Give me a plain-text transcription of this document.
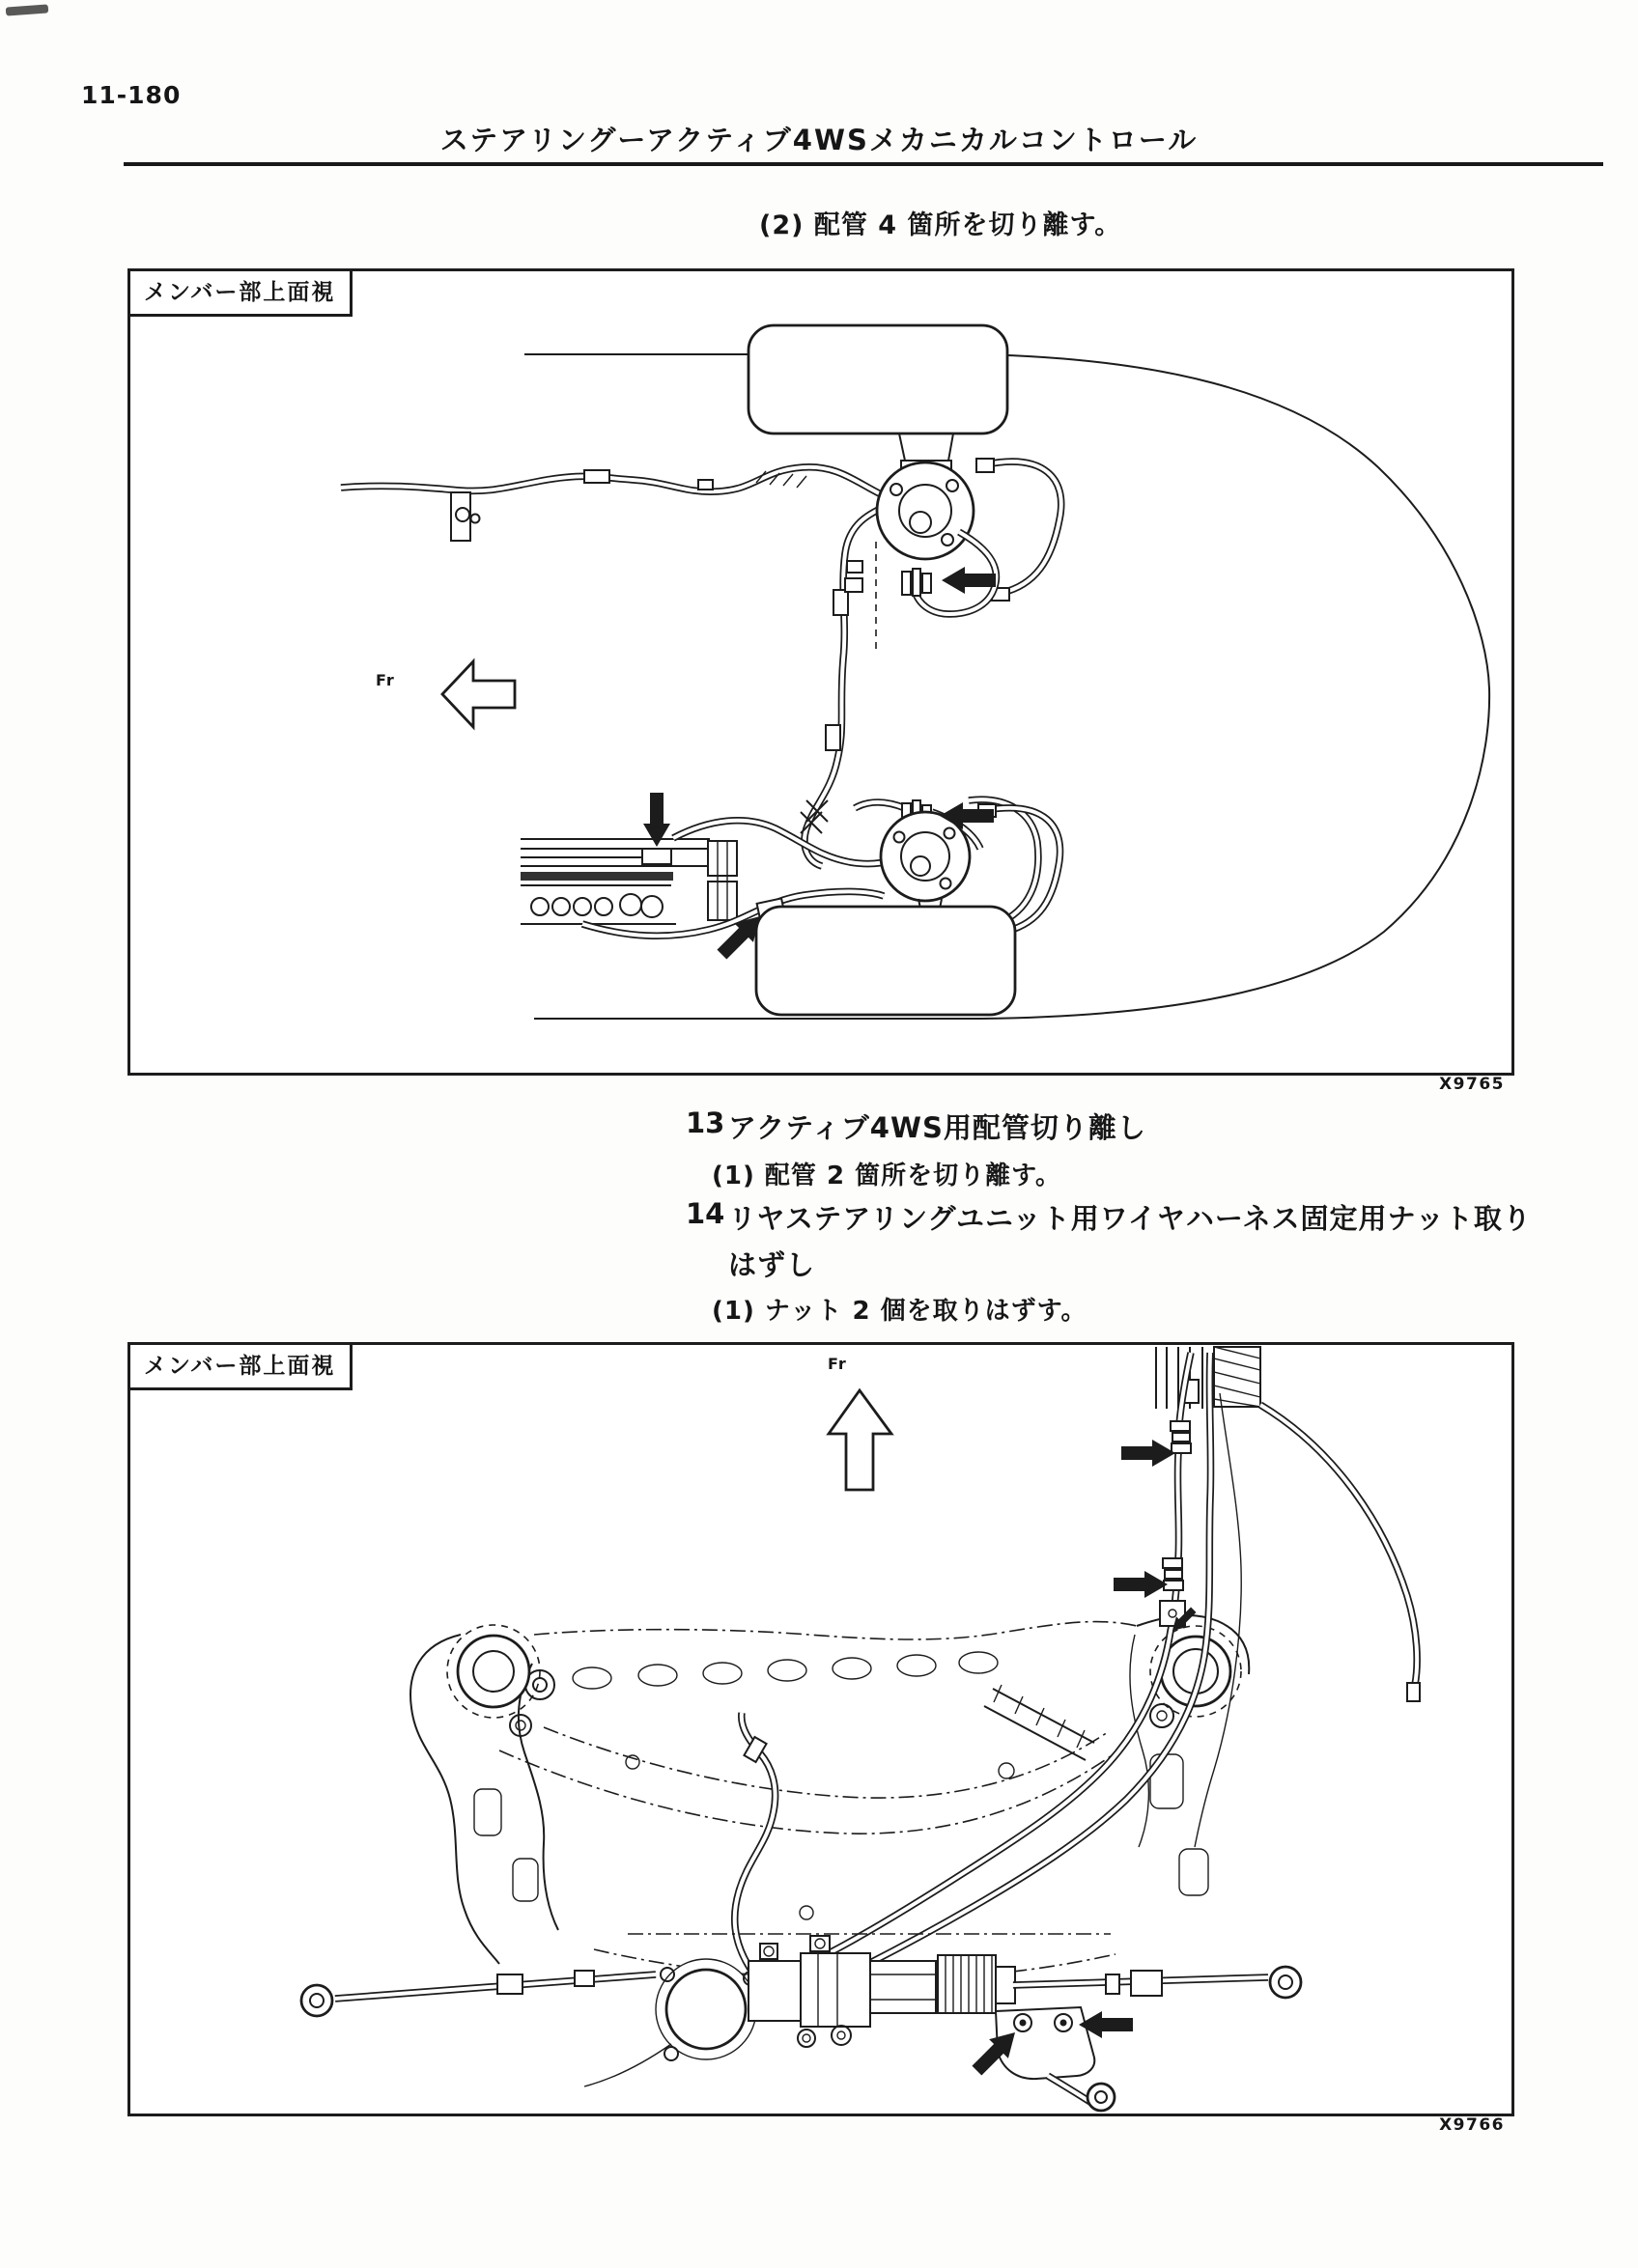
11-180
ステアリングーアクティブ4WSメカニカルコントロール
(2) 配管 4 箇所を切り離す。
メンバー部上面視
Fr
X9765
13 アクティブ4WS用配管切り離し
(1) 配管 2 箇所を切り離す。
14 リヤステアリングユニット用ワイヤハーネス固定用ナット取り
はずし
(1) ナット 2 個を取りはずす。
メンバー部上面視	Fr
X9766
